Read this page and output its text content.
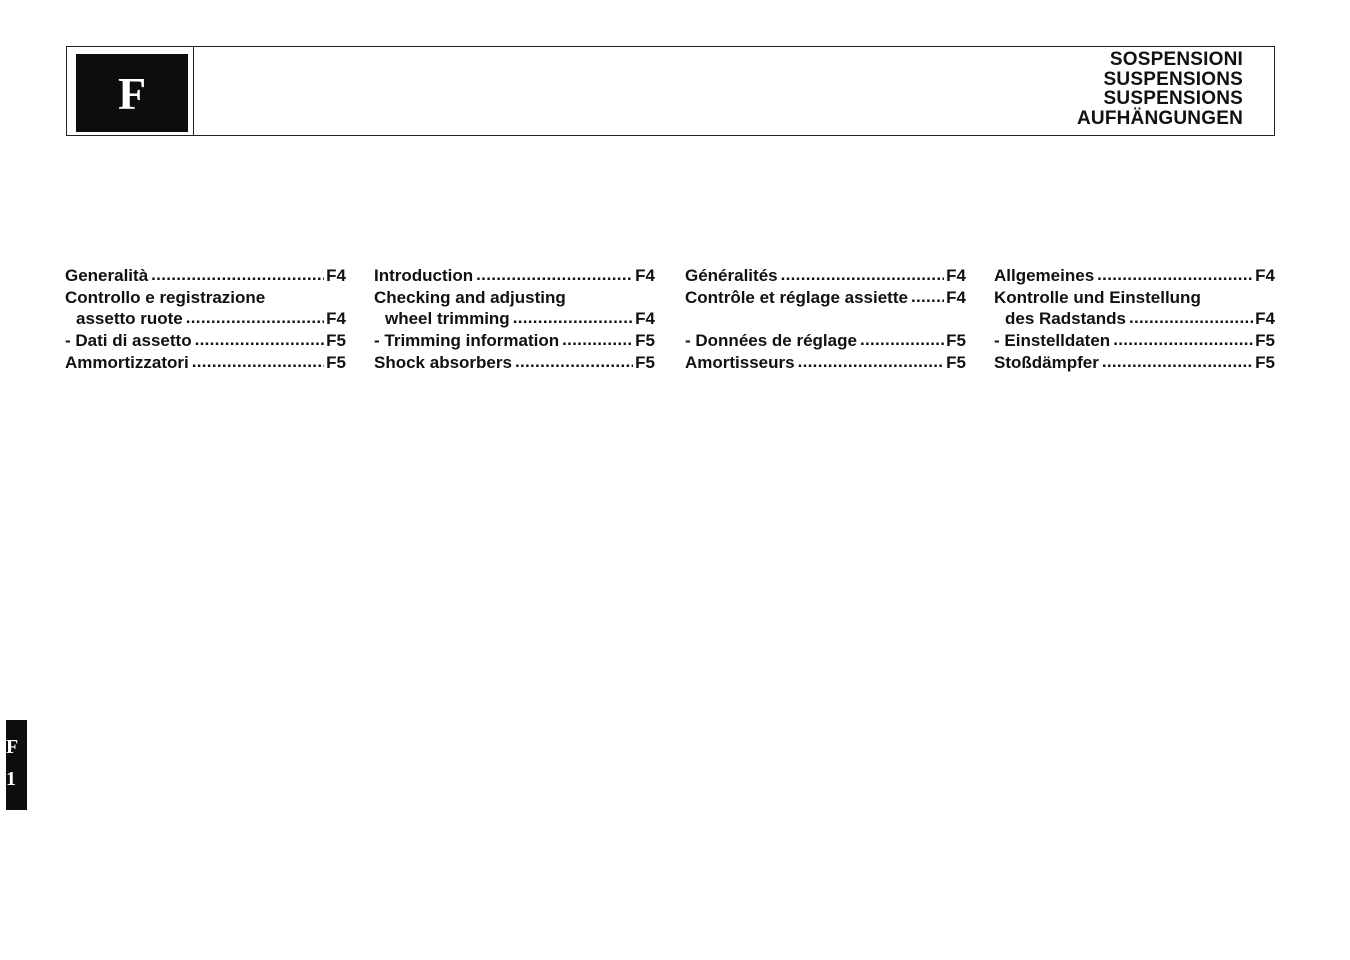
F
SOSPENSIONI
SUSPENSIONS
SUSPENSIONS
AUFHÄNGUNGEN
Generalità .....	F4
Controllo e registrazione
assetto ruote .....	F4
- Dati di assetto .....	F5
Ammortizzatori .....	F5
Introduction .....	F4
Checking and adjusting
wheel trimming .....	F4
- Trimming information .....	F5
Shock absorbers .....	F5
Généralités .....	F4
Contrôle et réglage assiette ..... F4
- Données de réglage .....	F5
Amortisseurs .....	F5
Allgemeines .....	F4
Kontrolle und Einstellung
des Radstands .....	F4
- Einstelldaten .....	F5
Stoßdämpfer .....	F5
F
1
